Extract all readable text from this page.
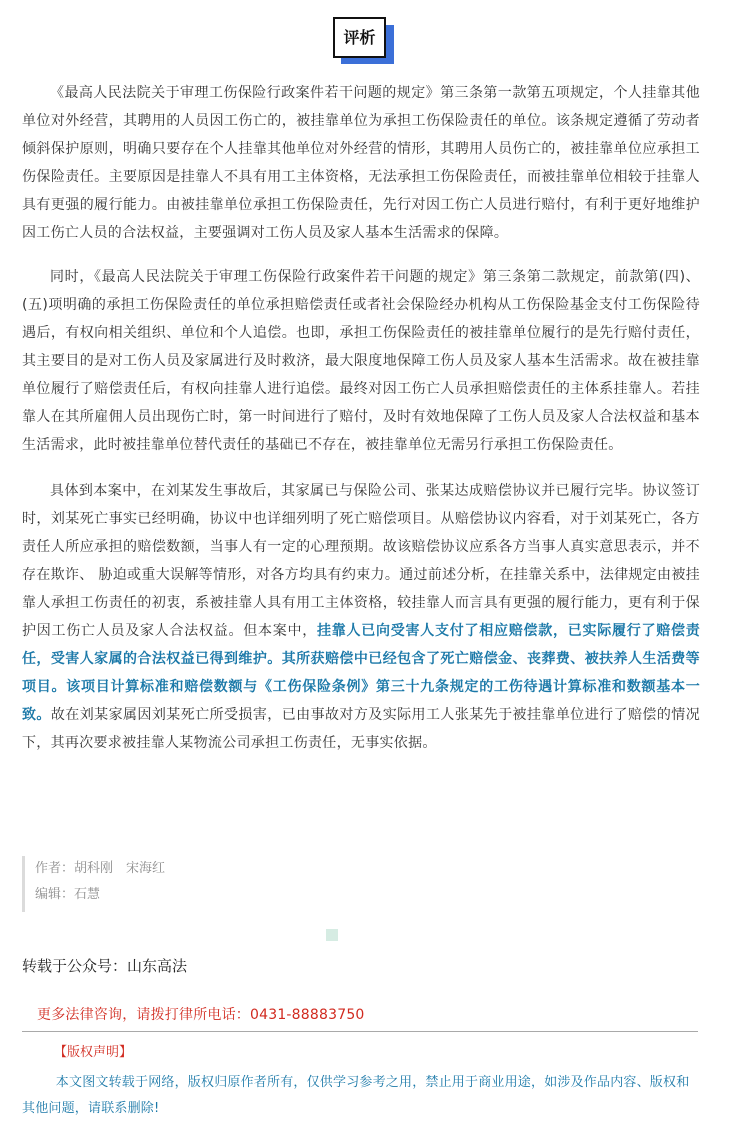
评析

《最高人民法院关于审理工伤保险行政案件若干问题的规定》第三条第一款第五项规定，个人挂靠其他单位对外经营，其聘用的人员因工伤亡的，被挂靠单位为承担工伤保险责任的单位。该条规定遵循了劳动者倾斜保护原则，明确只要存在个人挂靠其他单位对外经营的情形，其聘用人员伤亡的，被挂靠单位应承担工伤保险责任。主要原因是挂靠人不具有用工主体资格，无法承担工伤保险责任，而被挂靠单位相较于挂靠人具有更强的履行能力。由被挂靠单位承担工伤保险责任，先行对因工伤亡人员进行赔付，有利于更好地维护因工伤亡人员的合法权益，主要强调对工伤人员及家人基本生活需求的保障。

同时，《最高人民法院关于审理工伤保险行政案件若干问题的规定》第三条第二款规定，前款第(四)、(五)项明确的承担工伤保险责任的单位承担赔偿责任或者社会保险经办机构从工伤保险基金支付工伤保险待遇后，有权向相关组织、单位和个人追偿。也即，承担工伤保险责任的被挂靠单位履行的是先行赔付责任，其主要目的是对工伤人员及家属进行及时救济，最大限度地保障工伤人员及家人基本生活需求。故在被挂靠单位履行了赔偿责任后，有权向挂靠人进行追偿。最终对因工伤亡人员承担赔偿责任的主体系挂靠人。若挂靠人在其所雇佣人员出现伤亡时，第一时间进行了赔付，及时有效地保障了工伤人员及家人合法权益和基本生活需求，此时被挂靠单位替代责任的基础已不存在，被挂靠单位无需另行承担工伤保险责任。

具体到本案中，在刘某发生事故后，其家属已与保险公司、张某达成赔偿协议并已履行完毕。协议签订时，刘某死亡事实已经明确，协议中也详细列明了死亡赔偿项目。从赔偿协议内容看，对于刘某死亡，各方责任人所应承担的赔偿数额，当事人有一定的心理预期。故该赔偿协议应系各方当事人真实意思表示，并不存在欺诈、 胁迫或重大误解等情形，对各方均具有约束力。通过前述分析，在挂靠关系中，法律规定由被挂靠人承担工伤责任的初衷，系被挂靠人具有用工主体资格，较挂靠人而言具有更强的履行能力，更有利于保护因工伤亡人员及家人合法权益。但本案中，挂靠人已向受害人支付了相应赔偿款，已实际履行了赔偿责任，受害人家属的合法权益已得到维护。其所获赔偿中已经包含了死亡赔偿金、丧葬费、被扶养人生活费等项目。该项目计算标准和赔偿数额与《工伤保险条例》第三十九条规定的工伤待遇计算标准和数额基本一致。故在刘某家属因刘某死亡所受损害，已由事故对方及实际用工人张某先于被挂靠单位进行了赔偿的情况下，其再次要求被挂靠人某物流公司承担工伤责任，无事实依据。

作者：胡科刚　宋海红
编辑：石慧
转载于公众号：山东高法
更多法律咨询，请拨打律所电话：0431-88883750
【版权声明】
本文图文转载于网络，版权归原作者所有，仅供学习参考之用，禁止用于商业用途，如涉及作品内容、版权和其他问题，请联系删除!
